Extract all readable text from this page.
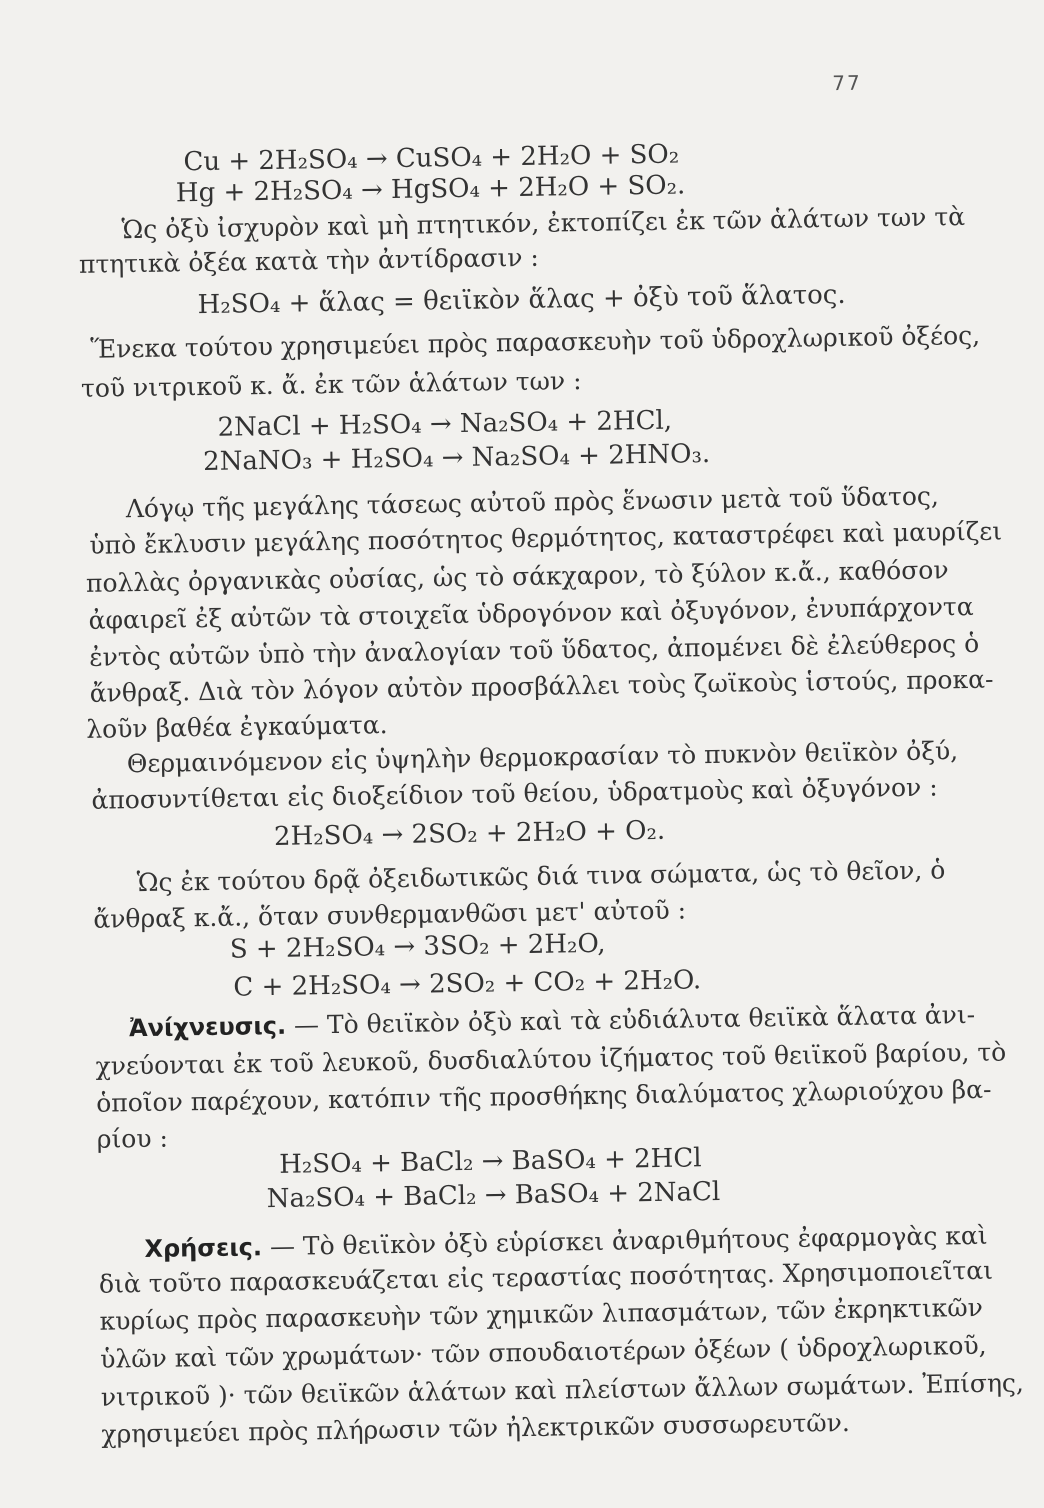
77
Cu + 2H₂SO₄ → CuSO₄ + 2H₂O + SO₂
Hg + 2H₂SO₄ → HgSO₄ + 2H₂O + SO₂.
Ὡς ὀξὺ ἰσχυρὸν καὶ μὴ πτητικόν, ἐκτοπίζει ἐκ τῶν ἁλάτων των τὰ
πτητικὰ ὀξέα κατὰ τὴν ἀντίδρασιν :
H₂SO₄ + ἅλας = θειϊκὸν ἅλας + ὀξὺ τοῦ ἅλατος.
Ἕνεκα τούτου χρησιμεύει πρὸς παρασκευὴν τοῦ ὑδροχλωρικοῦ ὀξέος,
τοῦ νιτρικοῦ κ. ἄ. ἐκ τῶν ἁλάτων των :
2NaCl + H₂SO₄ → Na₂SO₄ + 2HCl,
2NaNO₃ + H₂SO₄ → Na₂SO₄ + 2HNO₃.
Λόγῳ τῆς μεγάλης τάσεως αὐτοῦ πρὸς ἕνωσιν μετὰ τοῦ ὕδατος,
ὑπὸ ἔκλυσιν μεγάλης ποσότητος θερμότητος, καταστρέφει καὶ μαυρίζει
πολλὰς ὀργανικὰς οὐσίας, ὡς τὸ σάκχαρον, τὸ ξύλον κ.ἄ., καθόσον
ἀφαιρεῖ ἐξ αὐτῶν τὰ στοιχεῖα ὑδρογόνον καὶ ὀξυγόνον, ἐνυπάρχοντα
ἐντὸς αὐτῶν ὑπὸ τὴν ἀναλογίαν τοῦ ὕδατος, ἀπομένει δὲ ἐλεύθερος ὁ
ἄνθραξ. Διὰ τὸν λόγον αὐτὸν προσβάλλει τοὺς ζωϊκοὺς ἱστούς, προκα-
λοῦν βαθέα ἐγκαύματα.
Θερμαινόμενον εἰς ὑψηλὴν θερμοκρασίαν τὸ πυκνὸν θειϊκὸν ὀξύ,
ἀποσυντίθεται εἰς διοξείδιον τοῦ θείου, ὑδρατμοὺς καὶ ὀξυγόνον :
2H₂SO₄ → 2SO₂ + 2H₂O + O₂.
Ὡς ἐκ τούτου δρᾷ ὀξειδωτικῶς διά τινα σώματα, ὡς τὸ θεῖον, ὁ
ἄνθραξ κ.ἄ., ὅταν συνθερμανθῶσι μετ' αὐτοῦ :
S + 2H₂SO₄ → 3SO₂ + 2H₂O,
C + 2H₂SO₄ → 2SO₂ + CO₂ + 2H₂O.
Ἀνίχνευσις. — Τὸ θειϊκὸν ὀξὺ καὶ τὰ εὐδιάλυτα θειϊκὰ ἅλατα ἀνι-
χνεύονται ἐκ τοῦ λευκοῦ, δυσδιαλύτου ἰζήματος τοῦ θειϊκοῦ βαρίου, τὸ
ὁποῖον παρέχουν, κατόπιν τῆς προσθήκης διαλύματος χλωριούχου βα-
ρίου :
H₂SO₄ + BaCl₂ → BaSO₄ + 2HCl
Na₂SO₄ + BaCl₂ → BaSO₄ + 2NaCl
Χρήσεις. — Τὸ θειϊκὸν ὀξὺ εὑρίσκει ἀναριθμήτους ἐφαρμογὰς καὶ
διὰ τοῦτο παρασκευάζεται εἰς τεραστίας ποσότητας. Χρησιμοποιεῖται
κυρίως πρὸς παρασκευὴν τῶν χημικῶν λιπασμάτων, τῶν ἐκρηκτικῶν
ὑλῶν καὶ τῶν χρωμάτων· τῶν σπουδαιοτέρων ὀξέων ( ὑδροχλωρικοῦ,
νιτρικοῦ )· τῶν θειϊκῶν ἁλάτων καὶ πλείστων ἄλλων σωμάτων. Ἐπίσης,
χρησιμεύει πρὸς πλήρωσιν τῶν ἠλεκτρικῶν συσσωρευτῶν.
